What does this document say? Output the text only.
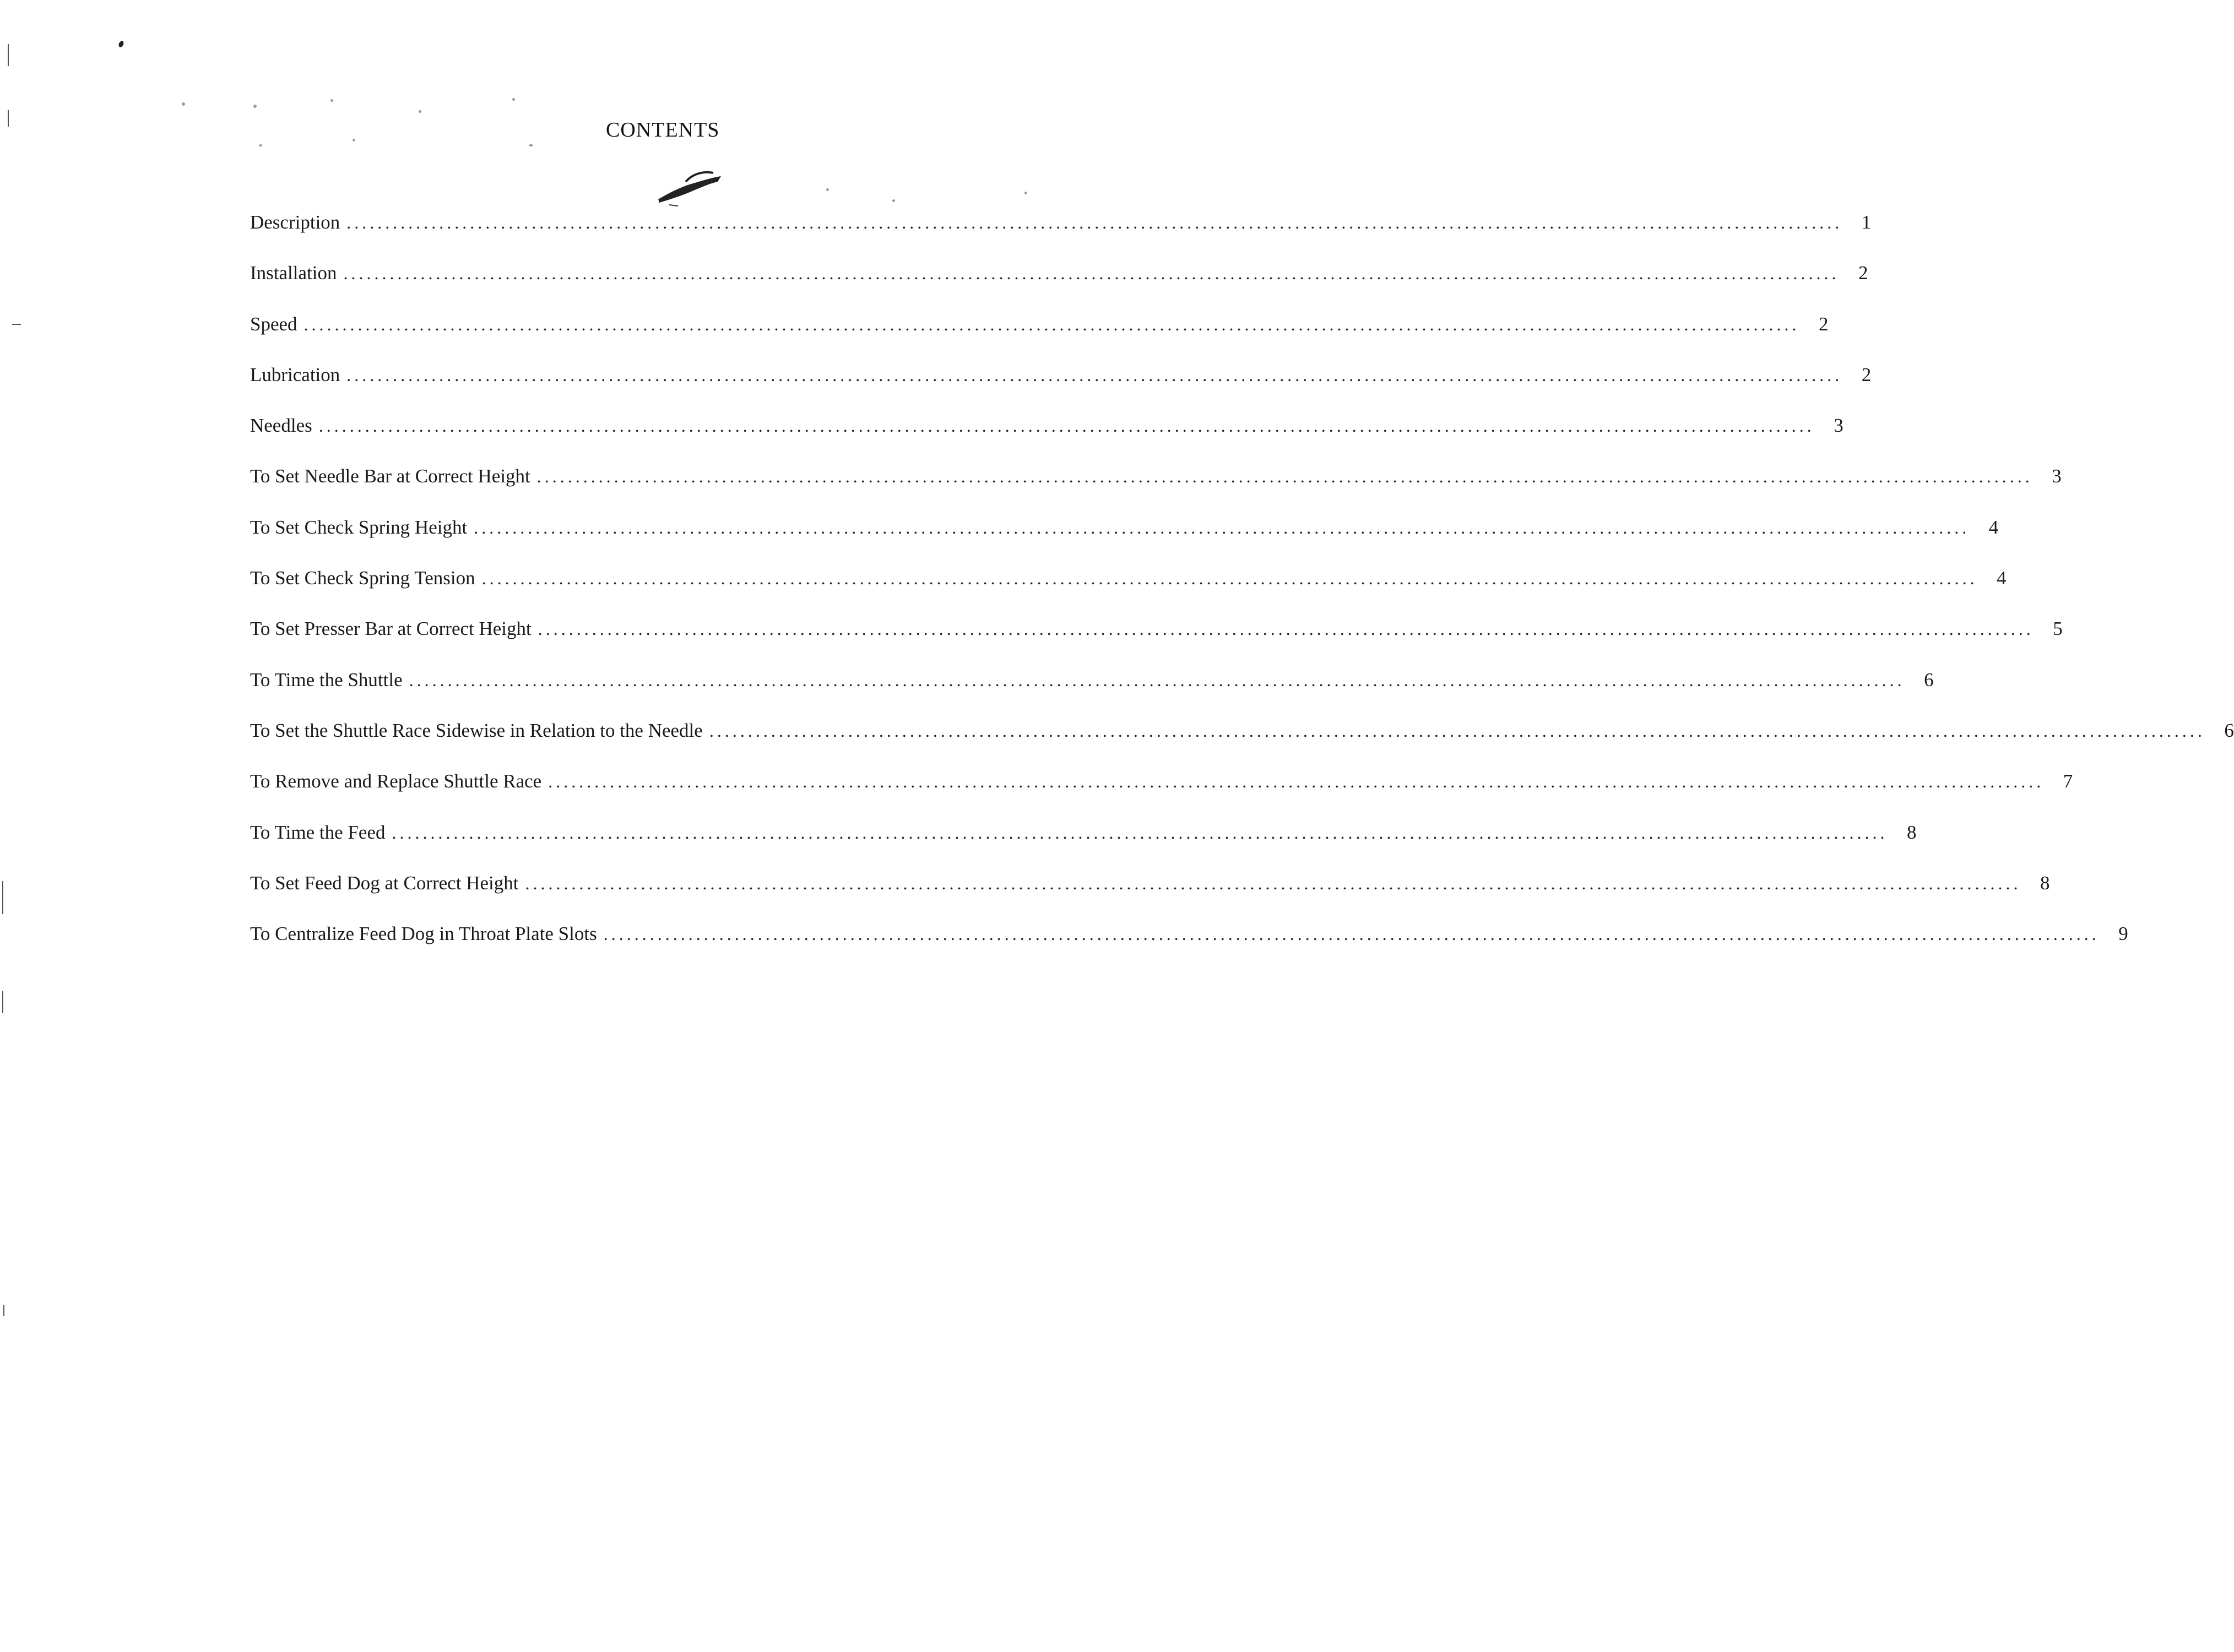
CONTENTS
Description .................................................................................................................................................................................................. 1
Installation .................................................................................................................................................................................................. 2
Speed .................................................................................................................................................................................................. 2
Lubrication .................................................................................................................................................................................................. 2
Needles .................................................................................................................................................................................................. 3
To Set Needle Bar at Correct Height .................................................................................................................................................................................................. 3
To Set Check Spring Height .................................................................................................................................................................................................. 4
To Set Check Spring Tension .................................................................................................................................................................................................. 4
To Set Presser Bar at Correct Height .................................................................................................................................................................................................. 5
To Time the Shuttle .................................................................................................................................................................................................. 6
To Set the Shuttle Race Sidewise in Relation to the Needle .................................................................................................................................................................................................. 6
To Remove and Replace Shuttle Race .................................................................................................................................................................................................. 7
To Time the Feed .................................................................................................................................................................................................. 8
To Set Feed Dog at Correct Height .................................................................................................................................................................................................. 8
To Centralize Feed Dog in Throat Plate Slots .................................................................................................................................................................................................. 9
